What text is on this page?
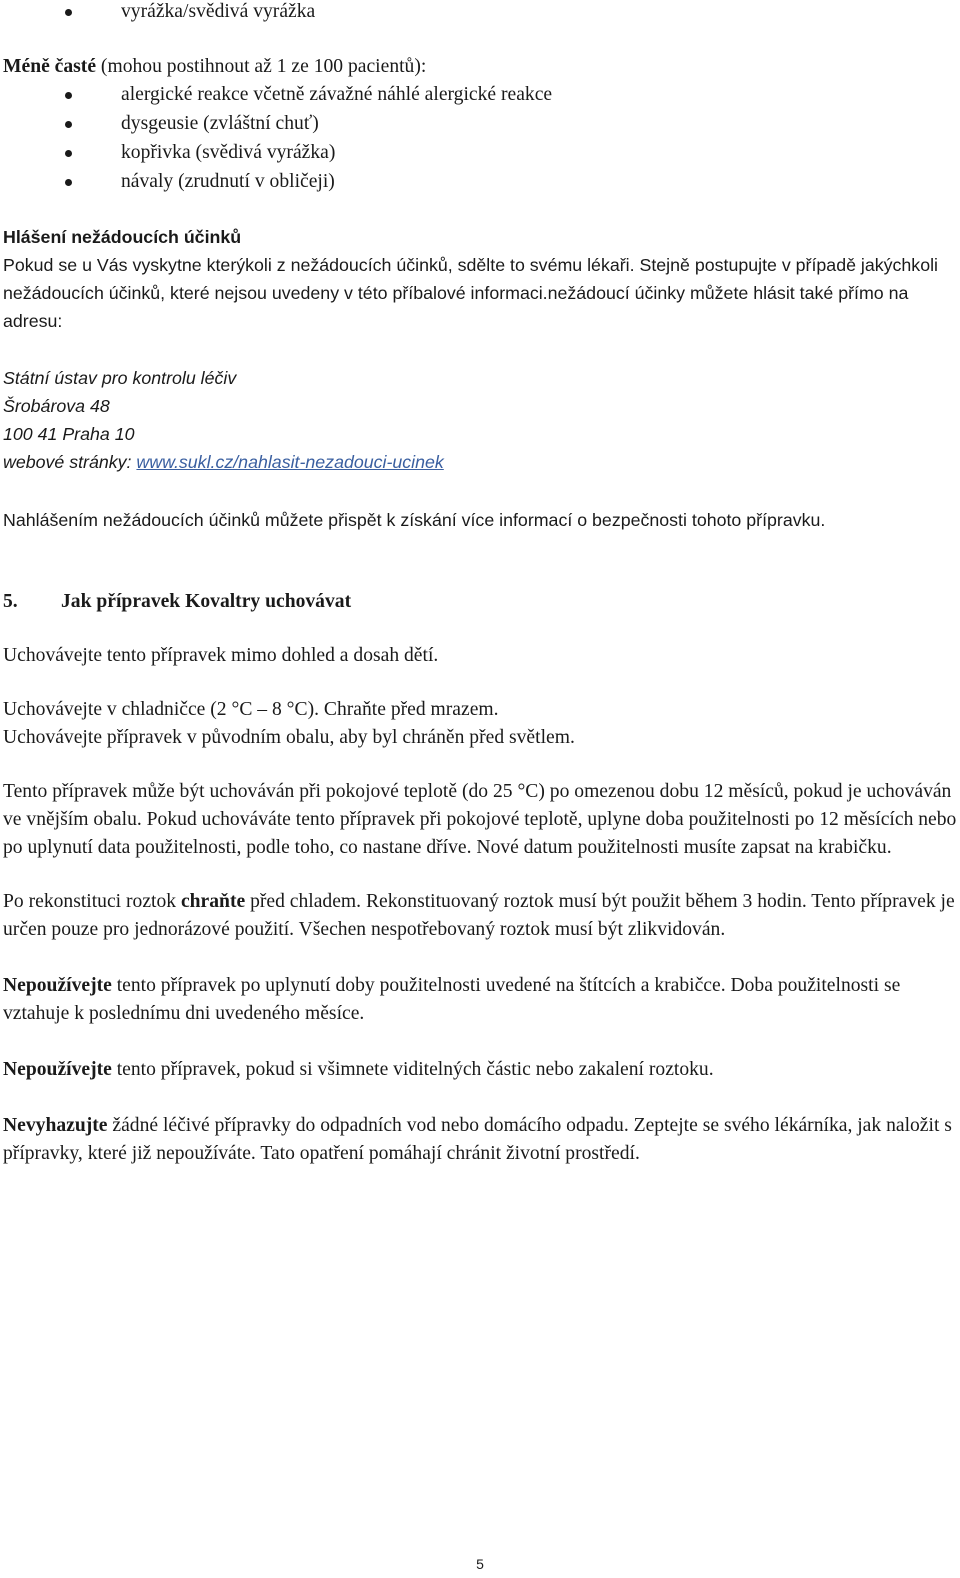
vyrážka/svědivá vyrážka

Méně časté (mohou postihnout až 1 ze 100 pacientů):

alergické reakce včetně závažné náhlé alergické reakce
dysgeusie (zvláštní chuť)
kopřivka (svědivá vyrážka)
návaly (zrudnutí v obličeji)

Hlášení nežádoucích účinků

Pokud se u Vás vyskytne kterýkoli z nežádoucích účinků, sdělte to svému lékaři. Stejně postupujte v případě jakýchkoli nežádoucích účinků, které nejsou uvedeny v této příbalové informaci.nežádoucí účinky můžete hlásit také přímo na adresu:

Státní ústav pro kontrolu léčiv

Šrobárova 48

100 41 Praha 10

webové stránky: www.sukl.cz/nahlasit-nezadouci-ucinek

Nahlášením nežádoucích účinků můžete přispět k získání více informací o bezpečnosti tohoto přípravku.

5. Jak přípravek Kovaltry uchovávat

Uchovávejte tento přípravek mimo dohled a dosah dětí.

Uchovávejte v chladničce (2 °C – 8 °C). Chraňte před mrazem.

Uchovávejte přípravek v původním obalu, aby byl chráněn před světlem.

Tento přípravek může být uchováván při pokojové teplotě (do 25 °C) po omezenou dobu 12 měsíců, pokud je uchováván ve vnějším obalu. Pokud uchováváte tento přípravek při pokojové teplotě, uplyne doba použitelnosti po 12 měsících nebo po uplynutí data použitelnosti, podle toho, co nastane dříve. Nové datum použitelnosti musíte zapsat na krabičku.

Po rekonstituci roztok chraňte před chladem. Rekonstituovaný roztok musí být použit během 3 hodin. Tento přípravek je určen pouze pro jednorázové použití. Všechen nespotřebovaný roztok musí být zlikvidován.

Nepoužívejte tento přípravek po uplynutí doby použitelnosti uvedené na štítcích a krabičce. Doba použitelnosti se vztahuje k poslednímu dni uvedeného měsíce.

Nepoužívejte tento přípravek, pokud si všimnete viditelných částic nebo zakalení roztoku.

Nevyhazujte žádné léčivé přípravky do odpadních vod nebo domácího odpadu. Zeptejte se svého lékárníka, jak naložit s přípravky, které již nepoužíváte. Tato opatření pomáhají chránit životní prostředí.

5
